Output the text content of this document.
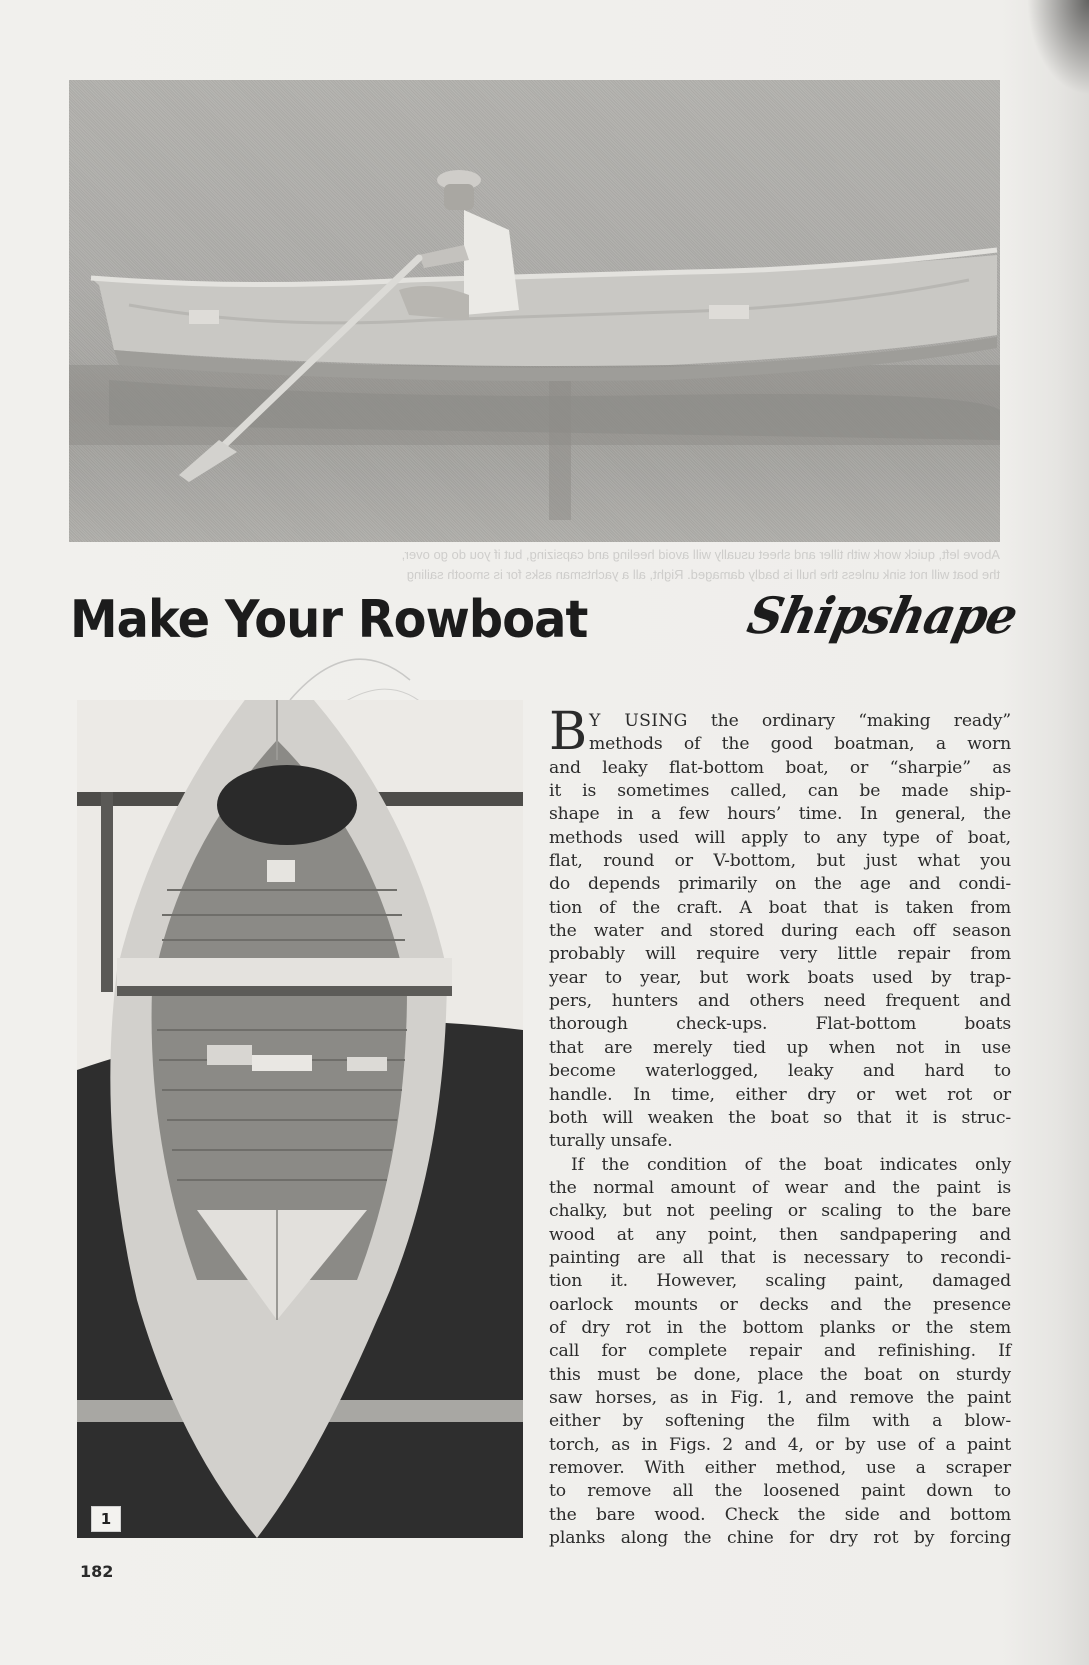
Above left, quick work with tiller and sheet usually will avoid heeling and capsizing, but if you do go over,
the boat will not sink unless the hull is badly damaged. Right, all a yachtsman asks for is smooth sailing
Make Your Rowboat	Shipshape
1
B Y USING the ordinary “making ready”
methods of the good boatman, a worn
and leaky flat-bottom boat, or “sharpie” as
it is sometimes called, can be made ship-
shape in a few hours’ time. In general, the
methods used will apply to any type of boat,
flat, round or V-bottom, but just what you
do depends primarily on the age and condi-
tion of the craft. A boat that is taken from
the water and stored during each off season
probably will require very little repair from
year to year, but work boats used by trap-
pers, hunters and others need frequent and
thorough check-ups. Flat-bottom boats
that are merely tied up when not in use
become waterlogged, leaky and hard to
handle. In time, either dry or wet rot or
both will weaken the boat so that it is struc-
turally unsafe.
If the condition of the boat indicates only
the normal amount of wear and the paint is
chalky, but not peeling or scaling to the bare
wood at any point, then sandpapering and
painting are all that is necessary to recondi-
tion it. However, scaling paint, damaged
oarlock mounts or decks and the presence
of dry rot in the bottom planks or the stem
call for complete repair and refinishing. If
this must be done, place the boat on sturdy
saw horses, as in Fig. 1, and remove the paint
either by softening the film with a blow-
torch, as in Figs. 2 and 4, or by use of a paint
remover. With either method, use a scraper
to remove all the loosened paint down to
the bare wood. Check the side and bottom
planks along the chine for dry rot by forcing
182
